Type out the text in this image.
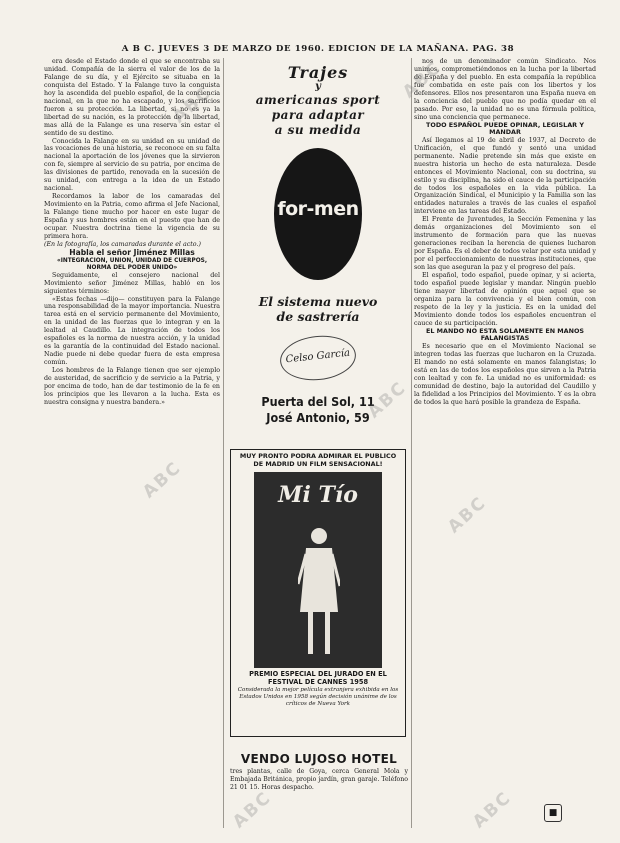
A B C. JUEVES 3 DE MARZO DE 1960. EDICION DE LA MAÑANA. PAG. 38

era desde el Estado donde el que se encontraba su unidad. Compañía de la sierra el valor de los de la Falange de su día, y el Ejército se situaba en la conquista del Estado. Y la Falange tuvo la conquista hoy la ascendida del pueblo español, de la conciencia nacional, en la que no ha escapado, y los sacrificios fueron a su protección. La libertad, si no es ya la libertad de su nación, es la protección de la libertad, mas allá de la Falange es una reserva sin estar el sentido de su destino.

Conocida la Falange en su unidad en su unidad de las vocaciones de una historia, se reconoce en su falta nacional la aportación de los jóvenes que la sirvieron con fe, siempre al servicio de su patria, por encima de las divisiones de partido, renovada en la sucesión de su unidad, con entrega a la idea de un Estado nacional.

Recordamos la labor de los camaradas del Movimiento en la Patria, como afirma el Jefe Nacional, la Falange tiene mucho por hacer en este lugar de España y sus hombres están en el puesto que han de ocupar. Nuestra doctrina tiene la vigencia de su primera hora.

(En la fotografía, los camaradas durante el acto.)

Habla el señor Jiménez Millas

«INTEGRACION, UNION, UNIDAD DE CUERPOS, NORMA DEL PODER UNIDO»

Seguidamente, el consejero nacional del Movimiento señor Jiménez Millas, habló en los siguientes términos:

«Estas fechas —dijo— constituyen para la Falange una responsabilidad de la mayor importancia. Nuestra tarea está en el servicio permanente del Movimiento, en la unidad de las fuerzas que lo integran y en la lealtad al Caudillo. La integración de todos los españoles es la norma de nuestra acción, y la unidad es la garantía de la continuidad del Estado nacional. Nadie puede ni debe quedar fuera de esta empresa común.

Los hombres de la Falange tienen que ser ejemplo de austeridad, de sacrificio y de servicio a la Patria, y por encima de todo, han de dar testimonio de la fe en los principios que les llevaron a la lucha. Esta es nuestra consigna y nuestra bandera.»

Trajes
y
americanas sport
para adaptar
a su medida
for-men
El sistema nuevo
de sastrería
Celso García
Puerta del Sol, 11
José Antonio, 59
MUY PRONTO PODRA ADMIRAR EL PUBLICO DE MADRID UN FILM SENSACIONAL!
Mi Tío
PREMIO ESPECIAL DEL JURADO EN EL FESTIVAL DE CANNES 1958
Considerada la mejor película extranjera exhibida en los Estados Unidos en 1958 según decisión unánime de los críticos de Nueva York
VENDO LUJOSO HOTEL
tres plantas, calle de Goya, cerca General Mola y Embajada Británica, propio jardín, gran garaje. Teléfono 21 01 15. Horas despacho.

nos de un denominador común Sindicato. Nos unimos, comprometiéndonos en la lucha por la libertad de España y del pueblo. En esta compañía la república fue combatida en este país con los libertos y los defensores. Ellos nos presentaron una España nueva en la conciencia del pueblo que no podía quedar en el pasado. Por eso, la unidad no es una fórmula política, sino una conciencia que permanece.

TODO ESPAÑOL PUEDE OPINAR, LEGISLAR Y MANDAR

Así llegamos al 19 de abril de 1937, al Decreto de Unificación, el que fundó y sentó una unidad permanente. Nadie pretende sin más que existe en nuestra historia un hecho de esta naturaleza. Desde entonces el Movimiento Nacional, con su doctrina, su estilo y su disciplina, ha sido el cauce de la participación de todos los españoles en la vida pública. La Organización Sindical, el Municipio y la Familia son las entidades naturales a través de las cuales el español interviene en las tareas del Estado.

El Frente de Juventudes, la Sección Femenina y las demás organizaciones del Movimiento son el instrumento de formación para que las nuevas generaciones reciban la herencia de quienes lucharon por España. Es el deber de todos velar por esta unidad y por el perfeccionamiento de nuestras instituciones, que son las que aseguran la paz y el progreso del país.

El español, todo español, puede opinar, y si acierta, todo español puede legislar y mandar. Ningún pueblo tiene mayor libertad de opinión que aquel que se organiza para la convivencia y el bien común, con respeto de la ley y la justicia. Es en la unidad del Movimiento donde todos los españoles encuentran el cauce de su participación.

EL MANDO NO ESTA SOLAMENTE EN MANOS FALANGISTAS

Es necesario que en el Movimiento Nacional se integren todas las fuerzas que lucharon en la Cruzada. El mando no está solamente en manos falangistas; lo está en las de todos los españoles que sirven a la Patria con lealtad y con fe. La unidad no es uniformidad: es comunidad de destino, bajo la autoridad del Caudillo y la fidelidad a los Principios del Movimiento. Y es la obra de todos la que hará posible la grandeza de España.

ABC
ABC
ABC
ABC
ABC
ABC	ABC	■
